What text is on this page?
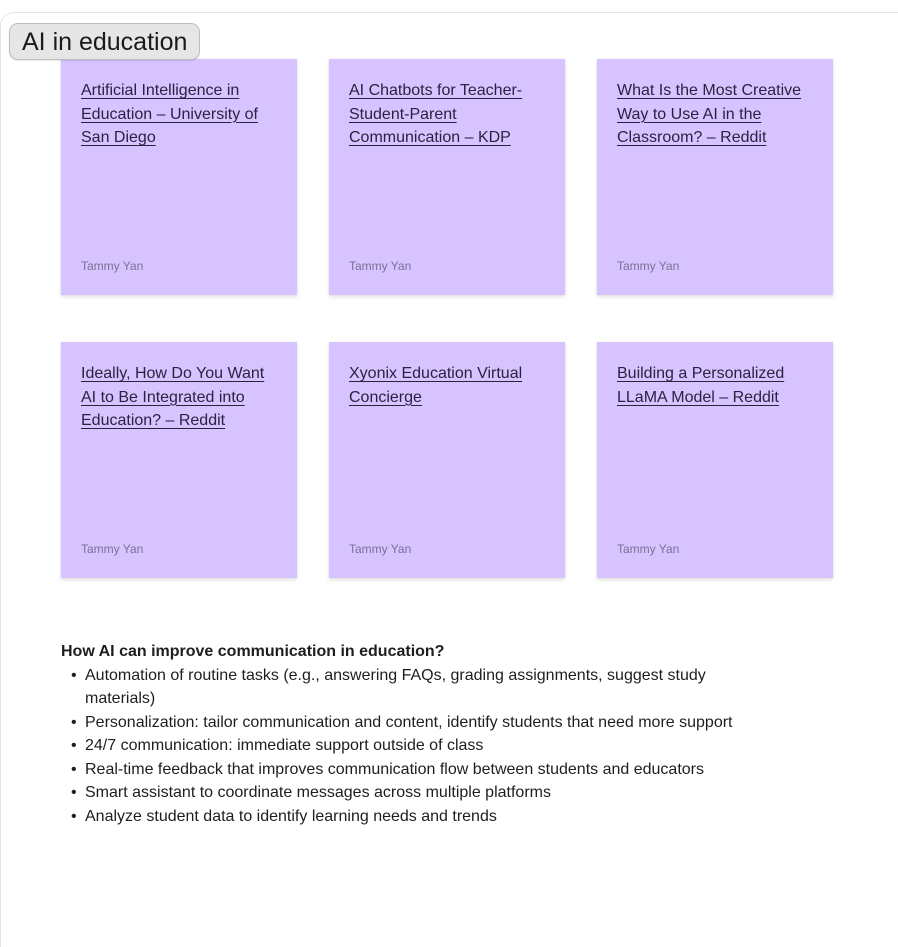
AI in education
Artificial Intelligence in Education – University of San Diego
Tammy Yan
AI Chatbots for Teacher-Student-Parent Communication – KDP
Tammy Yan
What Is the Most Creative Way to Use AI in the Classroom? – Reddit
Tammy Yan
Ideally, How Do You Want AI to Be Integrated into Education? – Reddit
Tammy Yan
Xyonix Education Virtual Concierge
Tammy Yan
Building a Personalized LLaMA Model – Reddit
Tammy Yan

How AI can improve communication in education?

• Automation of routine tasks (e.g., answering FAQs, grading assignments, suggest study materials)
• Personalization: tailor communication and content, identify students that need more support
• 24/7 communication: immediate support outside of class
• Real-time feedback that improves communication flow between students and educators
• Smart assistant to coordinate messages across multiple platforms
• Analyze student data to identify learning needs and trends
